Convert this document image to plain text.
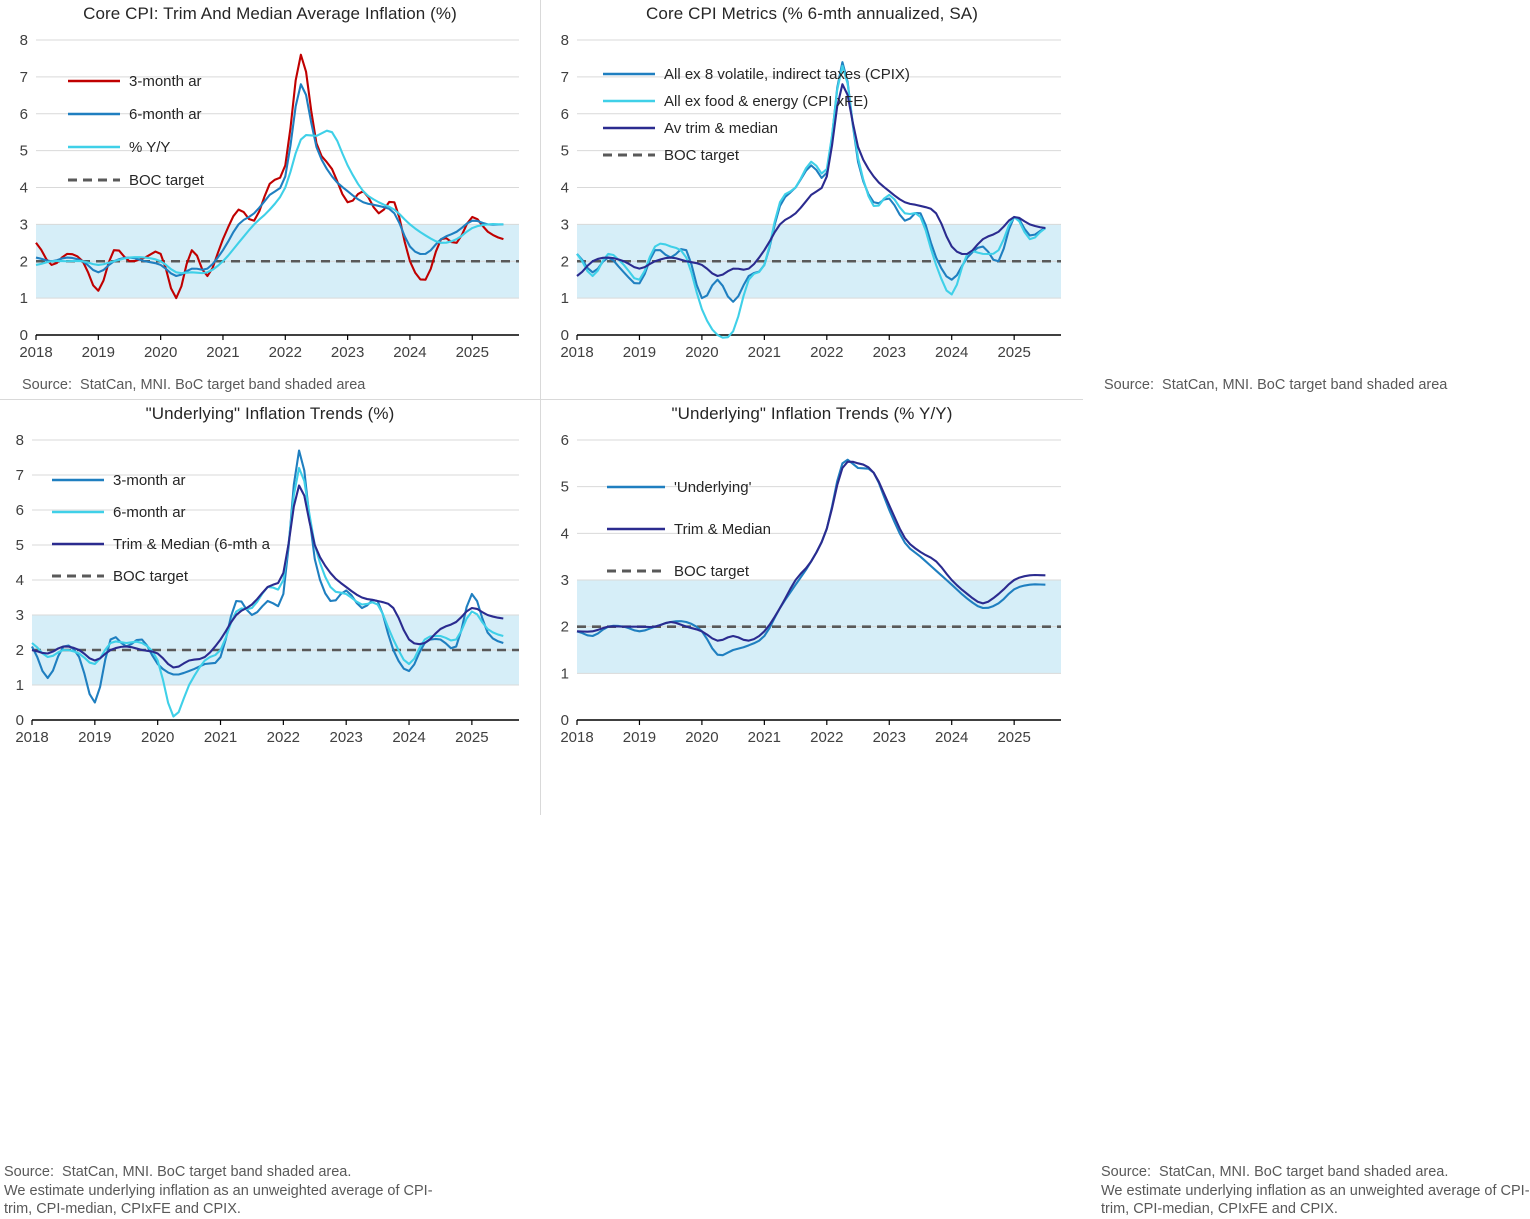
Core CPI: Trim And Median Average Inflation (%)
0
1
2
3
4
5
6
7
8
2018 2019 2020 2021 2022 2023 2024 2025
3-month ar
6-month ar
% Y/Y
BOC target
Source:  StatCan, MNI. BoC target band shaded area
Core CPI Metrics (% 6-mth annualized, SA)
0
1
2
3
4
5
6
7
8
2018 2019 2020 2021 2022 2023 2024 2025
All ex 8 volatile, indirect taxes (CPIX)
All ex food & energy (CPI xFE)
Av trim & median
BOC target
Source:  StatCan, MNI. BoC target band shaded area
"Underlying" Inflation Trends (%)
0
1
2
3
4
5
6
7
8
2018 2019 2020 2021 2022 2023 2024 2025
3-month ar
6-month ar
Trim & Median (6-mth a
BOC target
Source:  StatCan, MNI. BoC target band shaded area.
We estimate underlying inflation as an unweighted average of CPI-
trim, CPI-median, CPIxFE and CPIX.
"Underlying" Inflation Trends (% Y/Y)
0
1
2
3
4
5
6
2018 2019 2020 2021 2022 2023 2024 2025
'Underlying'
Trim & Median
BOC target
Source:  StatCan, MNI. BoC target band shaded area.
We estimate underlying inflation as an unweighted average of CPI-
trim, CPI-median, CPIxFE and CPIX.
